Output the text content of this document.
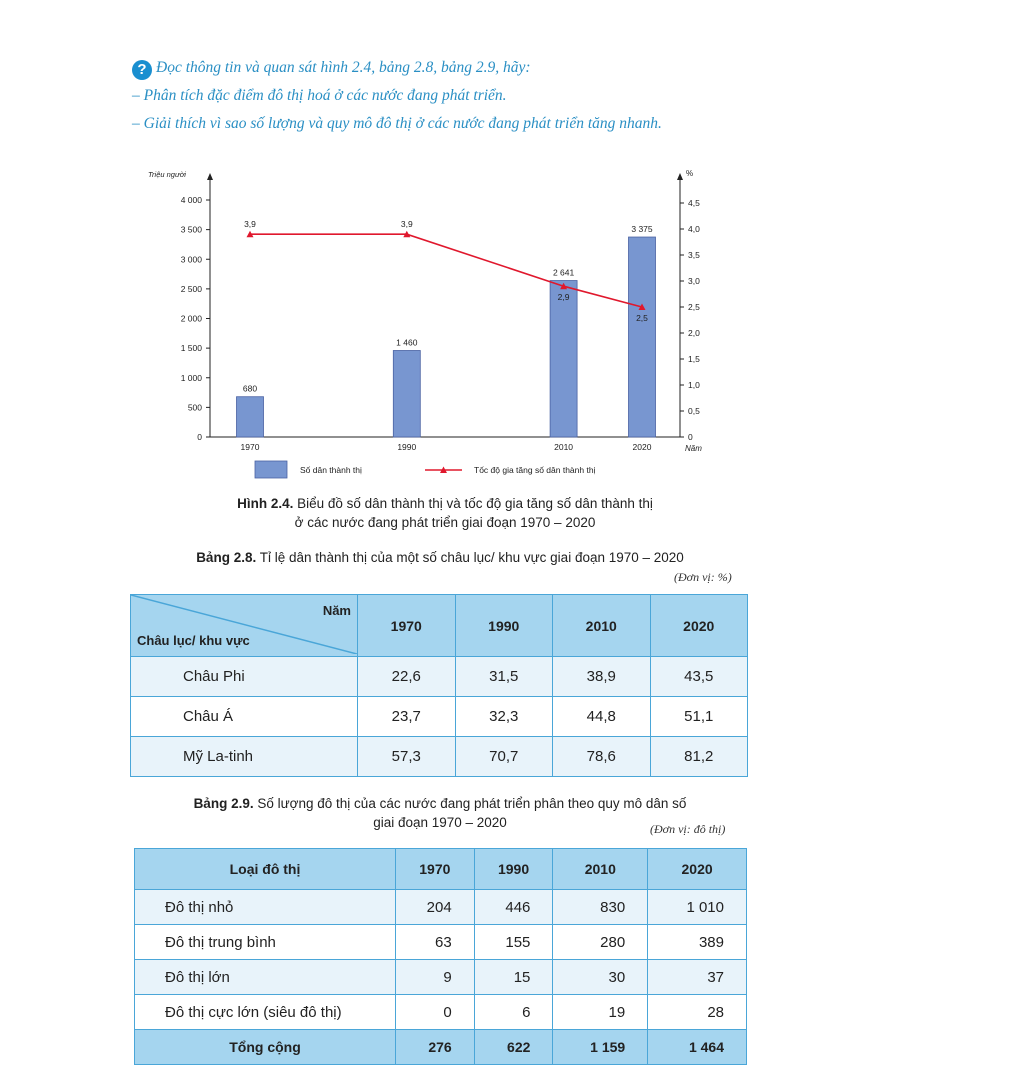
? Đọc thông tin và quan sát hình 2.4, bảng 2.8, bảng 2.9, hãy:
– Phân tích đặc điểm đô thị hoá ở các nước đang phát triển.
– Giải thích vì sao số lượng và quy mô đô thị ở các nước đang phát triển tăng nhanh.
Triệu người	%
Năm
0
500
1 000
1 500
2 000
2 500
3 000
3 500
4 000
0
0,5
1,0
1,5
2,0
2,5
3,0
3,5
4,0
4,5
680
1970
1 460
1990
2 641
2010
3 375
2020
3,9	3,9
2,9
2,5
Số dân thành thị	Tốc độ gia tăng số dân thành thị
Hình 2.4. Biểu đồ số dân thành thị và tốc độ gia tăng số dân thành thị
ở các nước đang phát triển giai đoạn 1970 – 2020
Bảng 2.8. Tỉ lệ dân thành thị của một số châu lục/ khu vực giai đoạn 1970 – 2020
(Đơn vị: %)
Năm
Châu lục/ khu vực	1970	1990	2010	2020
Châu Phi	22,6	31,5	38,9	43,5
Châu Á	23,7	32,3	44,8	51,1
Mỹ La-tinh	57,3	70,7	78,6	81,2
Bảng 2.9. Số lượng đô thị của các nước đang phát triển phân theo quy mô dân số
giai đoạn 1970 – 2020	(Đơn vị: đô thị)
Loại đô thị	1970	1990	2010	2020
Đô thị nhỏ	204	446	830	1 010
Đô thị trung bình	63	155	280	389
Đô thị lớn	9	15	30	37
Đô thị cực lớn (siêu đô thị)	0	6	19	28
Tổng cộng	276	622	1 159	1 464
